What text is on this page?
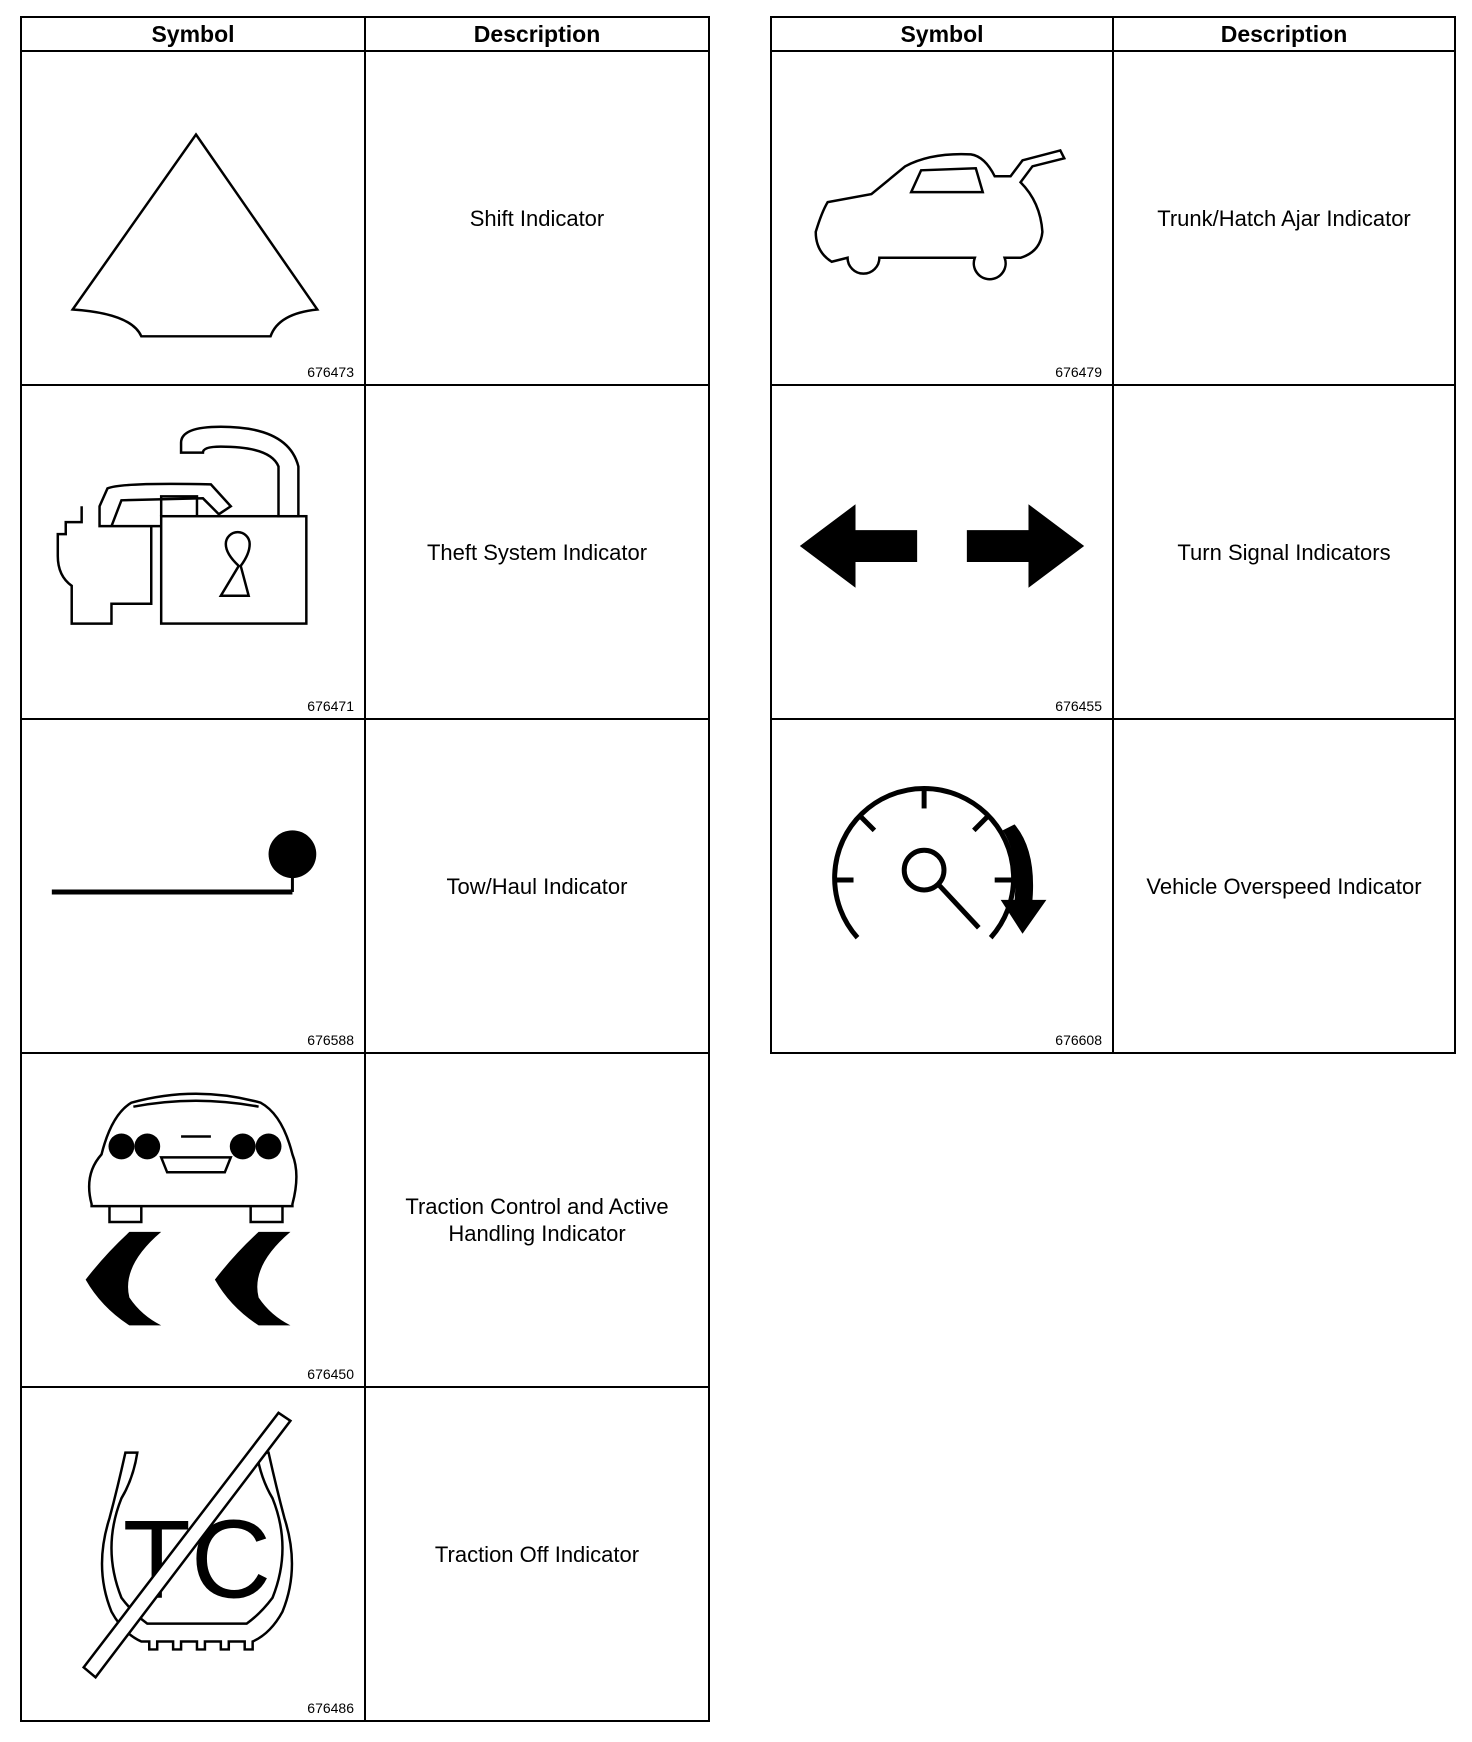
Symbol	Description

676473	Shift Indicator

676471	Theft System Indicator

676588	Tow/Haul Indicator

676450	Traction Control and Active Handling Indicator

TC
676486	Traction Off Indicator
Symbol	Description

676479	Trunk/Hatch Ajar Indicator

676455	Turn Signal Indicators

676608	Vehicle Overspeed Indicator
